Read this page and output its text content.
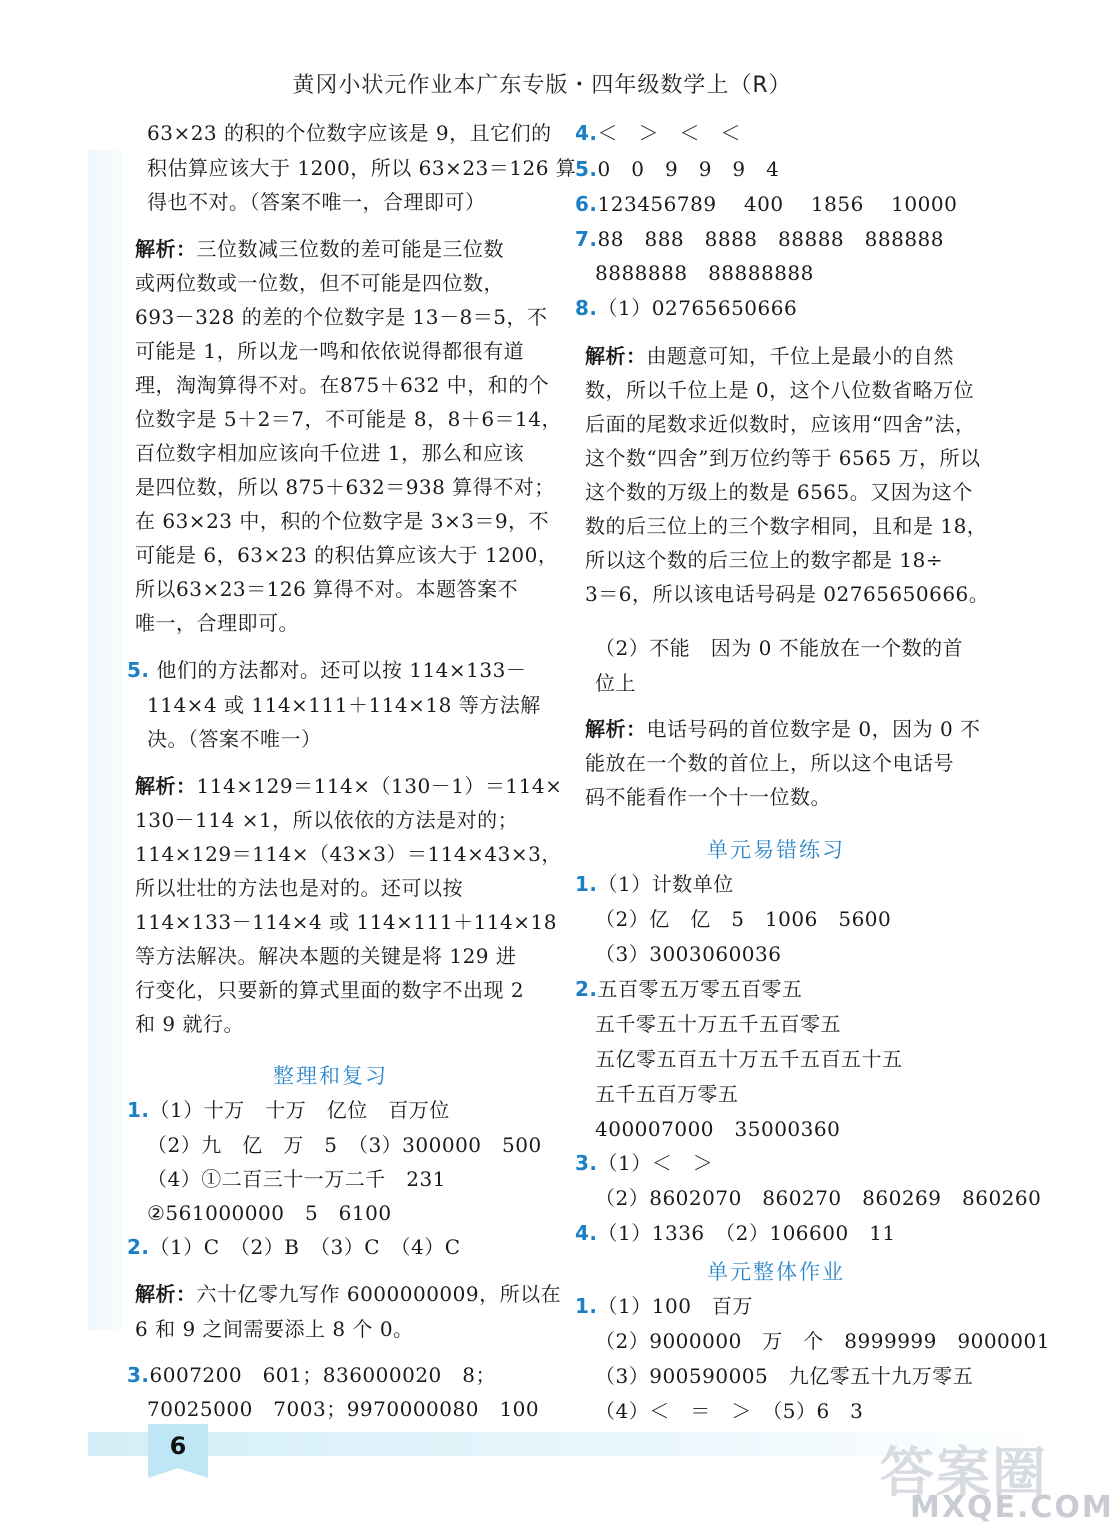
黄冈小状元作业本广东专版・四年级数学上（R）
63×23 的积的个位数字应该是 9，且它们的
积估算应该大于 1200，所以 63×23＝126 算
得也不对。（答案不唯一，合理即可）
解析：三位数减三位数的差可能是三位数
或两位数或一位数，但不可能是四位数，
693－328 的差的个位数字是 13－8＝5，不
可能是 1，所以龙一鸣和依依说得都很有道
理，淘淘算得不对。在875＋632 中，和的个
位数字是 5＋2＝7，不可能是 8，8＋6＝14，
百位数字相加应该向千位进 1，那么和应该
是四位数，所以 875＋632＝938 算得不对；
在 63×23 中，积的个位数字是 3×3＝9，不
可能是 6，63×23 的积估算应该大于 1200，
所以63×23＝126 算得不对。本题答案不
唯一，合理即可。
5. 他们的方法都对。还可以按 114×133－
114×4 或 114×111＋114×18 等方法解
决。（答案不唯一）
解析：114×129＝114×（130－1）＝114×
130－114 ×1，所以依依的方法是对的；
114×129＝114×（43×3）＝114×43×3，
所以壮壮的方法也是对的。还可以按
114×133－114×4 或 114×111＋114×18
等方法解决。解决本题的关键是将 129 进
行变化，只要新的算式里面的数字不出现 2
和 9 就行。
整理和复习
1.（1）十万　十万　亿位　百万位
（2）九　亿　万　5　（3）300000　500
（4）①二百三十一万二千　231
②561000000　5　6100
2.（1）C　（2）B　（3）C　（4）C
解析：六十亿零九写作 6000000009，所以在
6 和 9 之间需要添上 8 个 0。
3.6007200　601；836000020　8；
70025000　7003；9970000080　100
4.＜　＞　＜　＜
5.0　0　9　9　9　4
6.123456789　 400　 1856　 10000
7.88　888　8888　88888　888888
8888888　88888888
8.（1）02765650666
解析：由题意可知，千位上是最小的自然
数，所以千位上是 0，这个八位数省略万位
后面的尾数求近似数时，应该用“四舍”法，
这个数“四舍”到万位约等于 6565 万，所以
这个数的万级上的数是 6565。又因为这个
数的后三位上的三个数字相同，且和是 18，
所以这个数的后三位上的数字都是 18÷
3＝6，所以该电话号码是 02765650666。
（2）不能　因为 0 不能放在一个数的首
位上
解析：电话号码的首位数字是 0，因为 0 不
能放在一个数的首位上，所以这个电话号
码不能看作一个十一位数。
单元易错练习
1.（1）计数单位
（2）亿　亿　5　1006　5600
（3）3003060036
2.五百零五万零五百零五
五千零五十万五千五百零五
五亿零五百五十万五千五百五十五
五千五百万零五
400007000　35000360
3.（1）＜　＞
（2）8602070　860270　860269　860260
4.（1）1336　（2）106600　11
单元整体作业
1.（1）100　百万
（2）9000000　万　个　8999999　9000001
（3）900590005　九亿零五十九万零五
（4）＜　＝　＞　（5）6　3
6	答案圈
MXQE.COM
